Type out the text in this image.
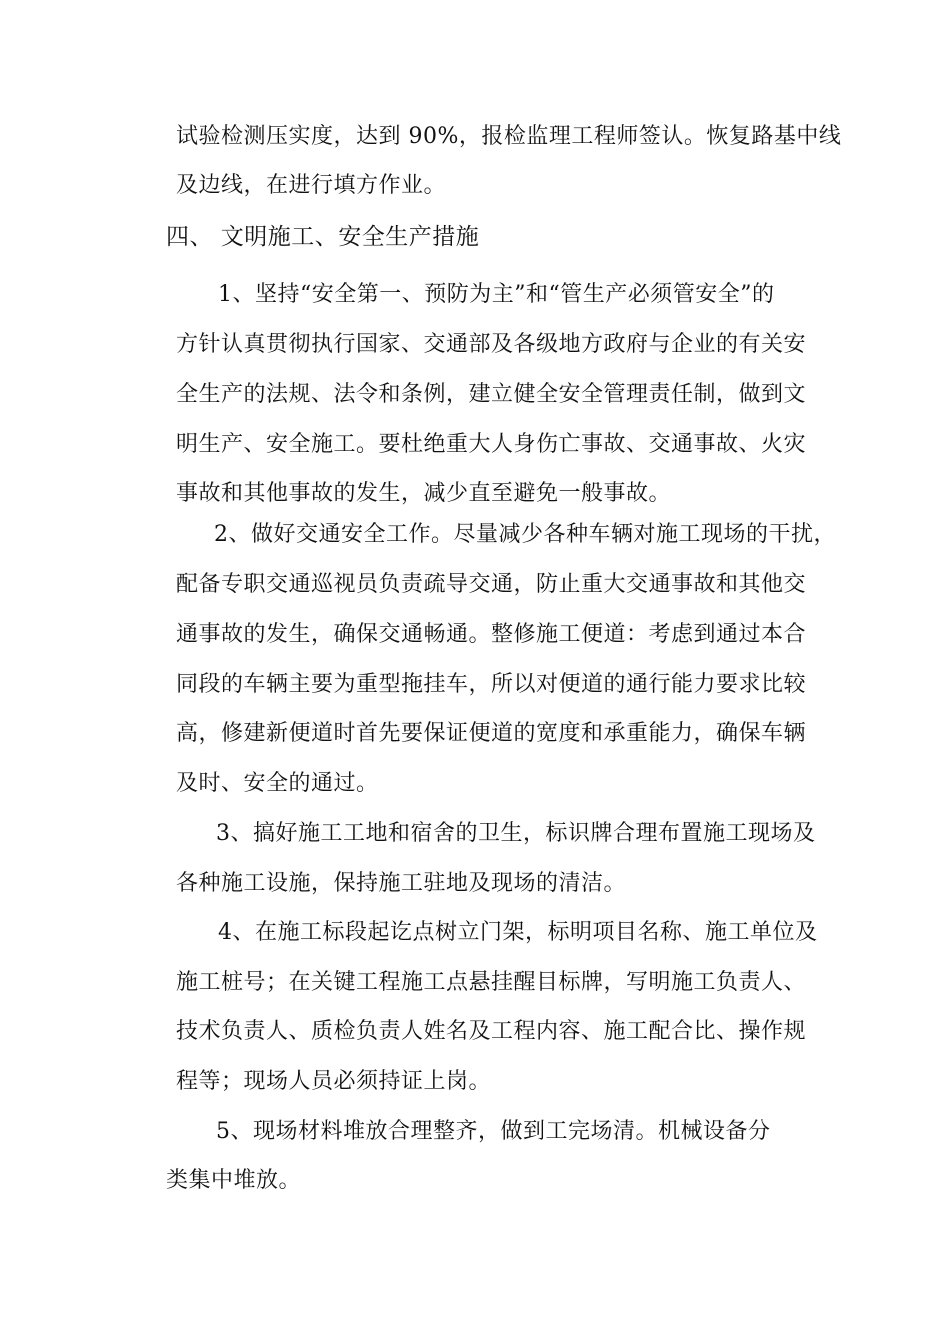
试验检测压实度，达到 90%，报检监理工程师签认。恢复路基中线
及边线，在进行填方作业。
四、 文明施工、安全生产措施
1、坚持“安全第一、预防为主”和“管生产必须管安全”的
方针认真贯彻执行国家、交通部及各级地方政府与企业的有关安
全生产的法规、法令和条例，建立健全安全管理责任制，做到文
明生产、安全施工。要杜绝重大人身伤亡事故、交通事故、火灾
事故和其他事故的发生，减少直至避免一般事故。
2、做好交通安全工作。尽量减少各种车辆对施工现场的干扰，
配备专职交通巡视员负责疏导交通，防止重大交通事故和其他交
通事故的发生，确保交通畅通。整修施工便道：考虑到通过本合
同段的车辆主要为重型拖挂车，所以对便道的通行能力要求比较
高，修建新便道时首先要保证便道的宽度和承重能力，确保车辆
及时、安全的通过。
3、搞好施工工地和宿舍的卫生，标识牌合理布置施工现场及
各种施工设施，保持施工驻地及现场的清洁。
4、在施工标段起讫点树立门架，标明项目名称、施工单位及
施工桩号；在关键工程施工点悬挂醒目标牌，写明施工负责人、
技术负责人、质检负责人姓名及工程内容、施工配合比、操作规
程等；现场人员必须持证上岗。
5、现场材料堆放合理整齐，做到工完场清。机械设备分
类集中堆放。
